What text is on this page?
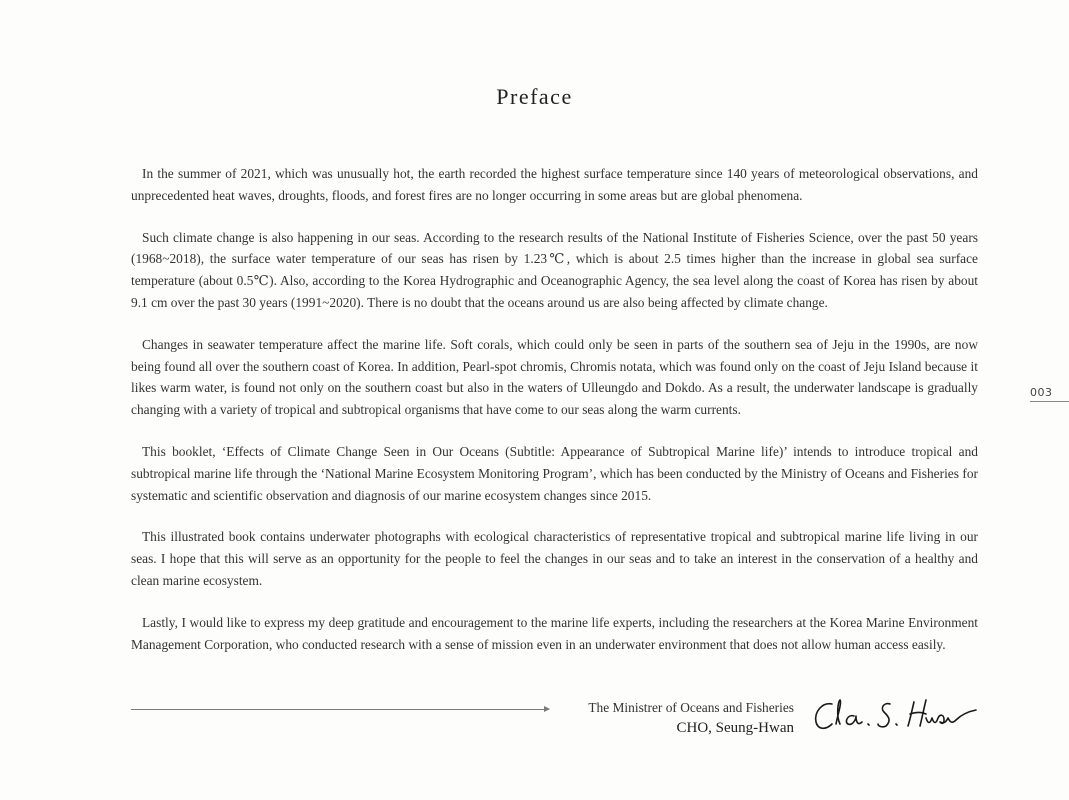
Preface

In the summer of 2021, which was unusually hot, the earth recorded the highest surface temperature since 140 years of meteorological observations, and unprecedented heat waves, droughts, floods, and forest fires are no longer occurring in some areas but are global phenomena.

Such climate change is also happening in our seas. According to the research results of the National Institute of Fisheries Science, over the past 50 years (1968~2018), the surface water temperature of our seas has risen by 1.23℃, which is about 2.5 times higher than the increase in global sea surface temperature (about 0.5℃). Also, according to the Korea Hydrographic and Oceanographic Agency, the sea level along the coast of Korea has risen by about 9.1 cm over the past 30 years (1991~2020). There is no doubt that the oceans around us are also being affected by climate change.

Changes in seawater temperature affect the marine life. Soft corals, which could only be seen in parts of the southern sea of Jeju in the 1990s, are now being found all over the southern coast of Korea. In addition, Pearl-spot chromis, Chromis notata, which was found only on the coast of Jeju Island because it likes warm water, is found not only on the southern coast but also in the waters of Ulleungdo and Dokdo. As a result, the underwater landscape is gradually changing with a variety of tropical and subtropical organisms that have come to our seas along the warm currents.

This booklet, ‘Effects of Climate Change Seen in Our Oceans (Subtitle: Appearance of Subtropical Marine life)’ intends to introduce tropical and subtropical marine life through the ‘National Marine Ecosystem Monitoring Program’, which has been conducted by the Ministry of Oceans and Fisheries for systematic and scientific observation and diagnosis of our marine ecosystem changes since 2015.

This illustrated book contains underwater photographs with ecological characteristics of representative tropical and subtropical marine life living in our seas. I hope that this will serve as an opportunity for the people to feel the changes in our seas and to take an interest in the conservation of a healthy and clean marine ecosystem.

Lastly, I would like to express my deep gratitude and encouragement to the marine life experts, including the researchers at the Korea Marine Environment Management Corporation, who conducted research with a sense of mission even in an underwater environment that does not allow human access easily.

003
The Ministrer of Oceans and Fisheries
CHO, Seung-Hwan
